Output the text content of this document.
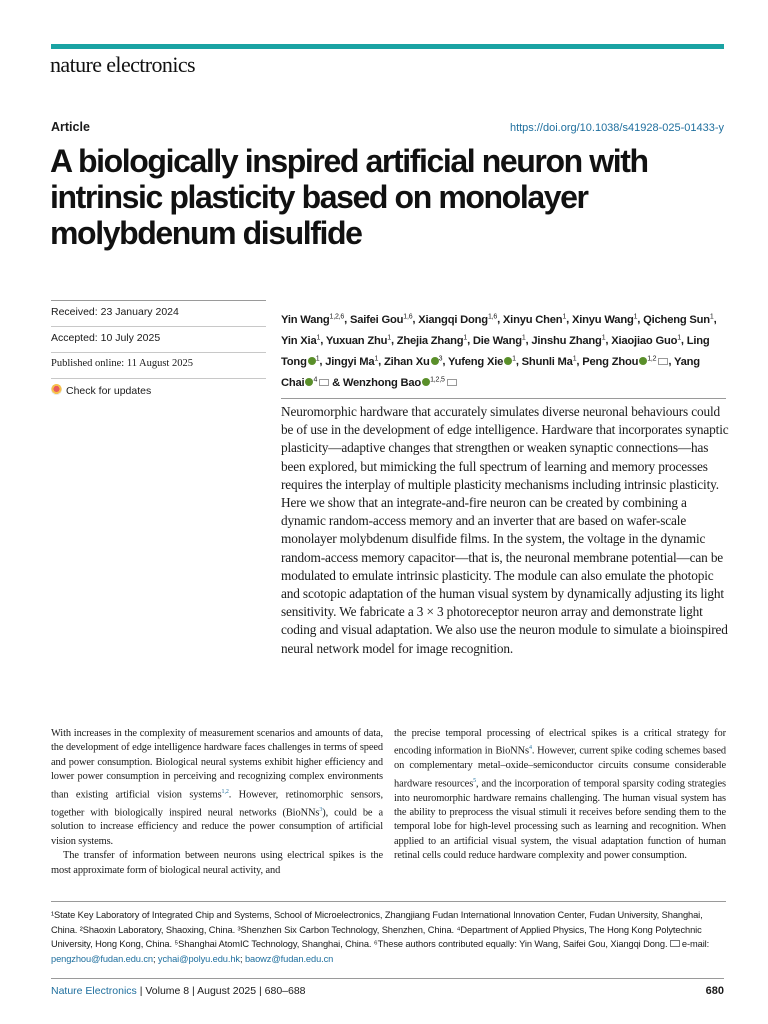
nature electronics
Article	https://doi.org/10.1038/s41928-025-01433-y
A biologically inspired artificial neuron with intrinsic plasticity based on monolayer molybdenum disulfide
Received: 23 January 2024
Accepted: 10 July 2025
Published online: 11 August 2025
Check for updates
Yin Wang$^{1,2,6}$, Saifei Gou$^{1,6}$, Xiangqi Dong$^{1,6}$, Xinyu Chen$^1$, Xinyu Wang$^1$, Qicheng Sun$^1$, Yin Xia$^1$, Yuxuan Zhu$^1$, Zhejia Zhang$^1$, Die Wang$^1$, Jinshu Zhang$^1$, Xiaojiao Guo$^1$, Ling Tong $^1$, Jingyi Ma$^1$, Zihan Xu $^3$, Yufeng Xie $^1$, Shunli Ma$^1$, Peng Zhou $^{1,2}$ , Yang Chai $^4$ & Wenzhong Bao $^{1,2,5}$
Neuromorphic hardware that accurately simulates diverse neuronal behaviours could be of use in the development of edge intelligence. Hardware that incorporates synaptic plasticity—adaptive changes that strengthen or weaken synaptic connections—has been explored, but mimicking the full spectrum of learning and memory processes requires the interplay of multiple plasticity mechanisms including intrinsic plasticity. Here we show that an integrate-and-fire neuron can be created by combining a dynamic random-access memory and an inverter that are based on wafer-scale monolayer molybdenum disulfide films. In the system, the voltage in the dynamic random-access memory capacitor—that is, the neuronal membrane potential—can be modulated to emulate intrinsic plasticity. The module can also emulate the photopic and scotopic adaptation of the human visual system by dynamically adjusting its light sensitivity. We fabricate a 3 × 3 photoreceptor neuron array and demonstrate light coding and visual adaptation. We also use the neuron module to simulate a bioinspired neural network model for image recognition.

With increases in the complexity of measurement scenarios and amounts of data, the development of edge intelligence hardware faces challenges in terms of speed and power consumption. Biological neural systems exhibit higher efficiency and lower power consumption in perceiving and recognizing complex environments than existing artificial vision systems$^{1,2}$. However, retinomorphic sensors, together with biologically inspired neural networks (BioNNs$^3$), could be a solution to increase efficiency and reduce the power consumption of artificial vision systems.

The transfer of information between neurons using electrical spikes is the most approximate form of biological neural activity, and

the precise temporal processing of electrical spikes is a critical strategy for encoding information in BioNNs$^4$. However, current spike coding schemes based on complementary metal–oxide–semiconductor circuits consume considerable hardware resources$^5$, and the incorporation of temporal sparsity coding strategies into neuromorphic hardware remains challenging. The human visual system has the ability to preprocess the visual stimuli it receives before sending them to the temporal lobe for high-level processing such as learning and recognition. When applied to an artificial visual system, the visual adaptation function of human retinal cells could reduce hardware complexity and power consumption.

¹State Key Laboratory of Integrated Chip and Systems, School of Microelectronics, Zhangjiang Fudan International Innovation Center, Fudan University, Shanghai, China. ²Shaoxin Laboratory, Shaoxing, China. ³Shenzhen Six Carbon Technology, Shenzhen, China. ⁴Department of Applied Physics, The Hong Kong Polytechnic University, Hong Kong, China. ⁵Shanghai AtomIC Technology, Shanghai, China. ⁶These authors contributed equally: Yin Wang, Saifei Gou, Xiangqi Dong. e-mail: pengzhou@fudan.edu.cn; ychai@polyu.edu.hk; baowz@fudan.edu.cn
Nature Electronics | Volume 8 | August 2025 | 680–688	680
